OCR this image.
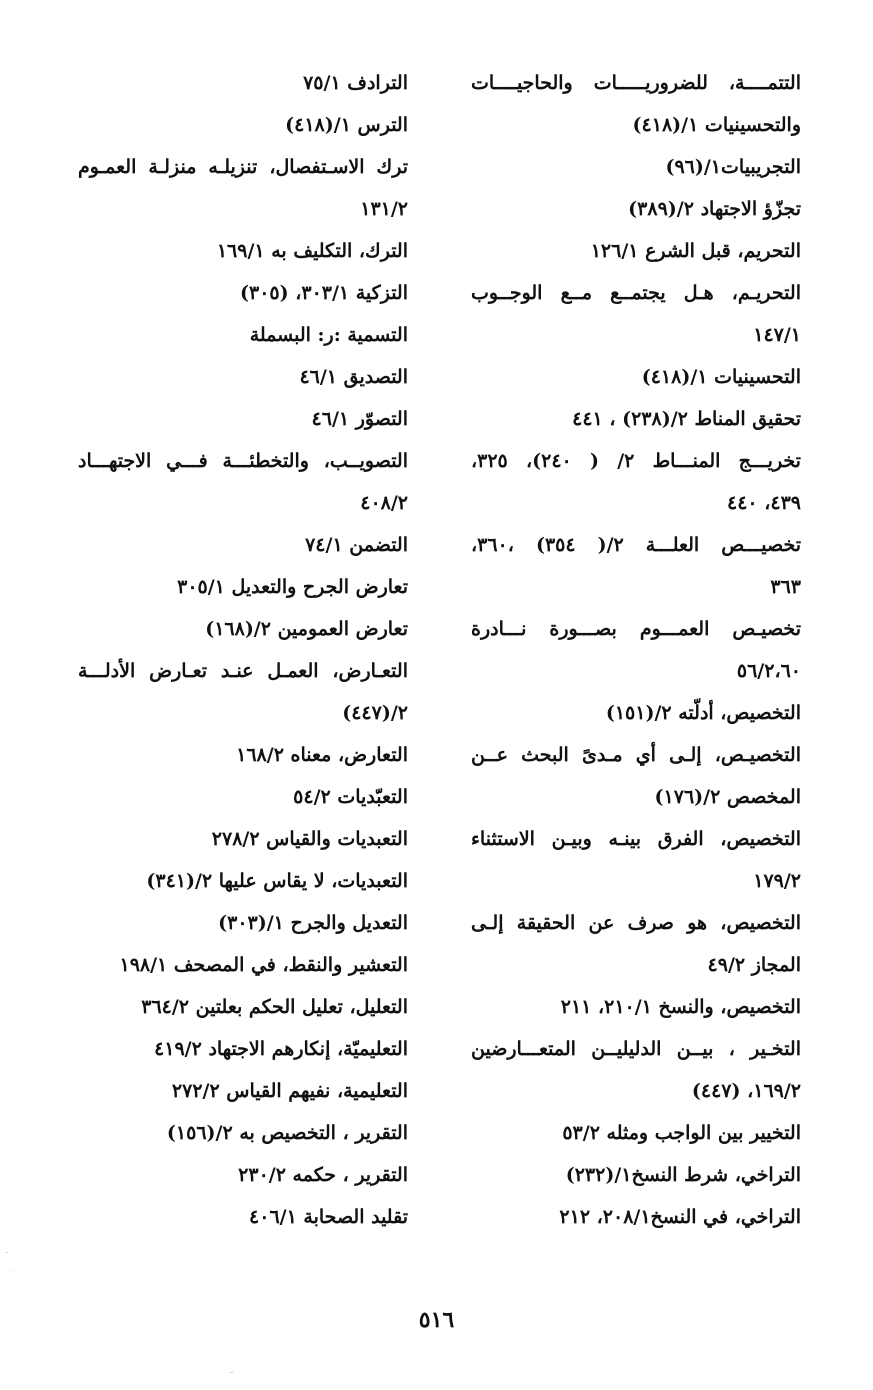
التتمــــة، للضروريـــــات والحاجيــــات
والتحسينيات ١/(٤١٨)
التجريبيات١/(٩٦)
تجزّؤ الاجتهاد ٢/(٣٨٩)
التحريم، قبل الشرع ١٢٦/١
التحريـم، هـل يجتمــع مــع الوجــوب
١٤٧/١
التحسينيات ١/(٤١٨)
تحقيق المناط ٢/(٢٣٨) ، ٤٤١
تخريـــج المنـــاط ٢/ ( ٢٤٠)، ٣٢٥،
٤٣٩، ٤٤٠
تخصيـــص العلـــة ٢/( ٣٥٤) ،٣٦٠،
٣٦٣
تخصيـص العمـــوم بصـــورة نـــادرة
٥٦/٢،٦٠
التخصيص، أدلّته ٢/(١٥١)
التخصيـص، إلـى أي مـدىً البحث عــن
المخصص ٢/(١٧٦)
التخصيص، الفرق بينـه وبيـن الاستثناء
١٧٩/٢
التخصيص، هو صرف عن الحقيقة إلـى
المجاز ٤٩/٢
التخصيص، والنسخ ٢١٠/١، ٢١١
التخـير ، بيــن الدليليــن المتعـــارضين
١٦٩/٢، (٤٤٧)
التخيير بين الواجب ومثله ٥٣/٢
التراخي، شرط النسخ١/(٢٣٢)
التراخي، في النسخ٢٠٨/١، ٢١٢
الترادف ٧٥/١
الترس ١/(٤١٨)
ترك الاسـتفصال، تنزيلـه منزلـة العمـوم
١٣١/٢
الترك، التكليف به ١٦٩/١
التزكية ٣٠٣/١، (٣٠٥)
التسمية :ر: البسملة
التصديق ٤٦/١
التصوّر ٤٦/١
التصويــب، والتخطئـــة فـــي الاجتهـــاد
٤٠٨/٢
التضمن ٧٤/١
تعارض الجرح والتعديل ٣٠٥/١
تعارض العمومين ٢/(١٦٨)
التعـارض، العمـل عنـد تعـارض الأدلـــة
٢/(٤٤٧)
التعارض، معناه ١٦٨/٢
التعبّديات ٥٤/٢
التعبديات والقياس ٢٧٨/٢
التعبديات، لا يقاس عليها ٢/(٣٤١)
التعديل والجرح ١/(٣٠٣)
التعشير والنقط، في المصحف ١٩٨/١
التعليل، تعليل الحكم بعلتين ٣٦٤/٢
التعليميّة، إنكارهم الاجتهاد ٤١٩/٢
التعليمية، نفيهم القياس ٢٧٢/٢
التقرير ، التخصيص به ٢/(١٥٦)
التقرير ، حكمه ٢٣٠/٢
تقليد الصحابة ٤٠٦/١
٥١٦
